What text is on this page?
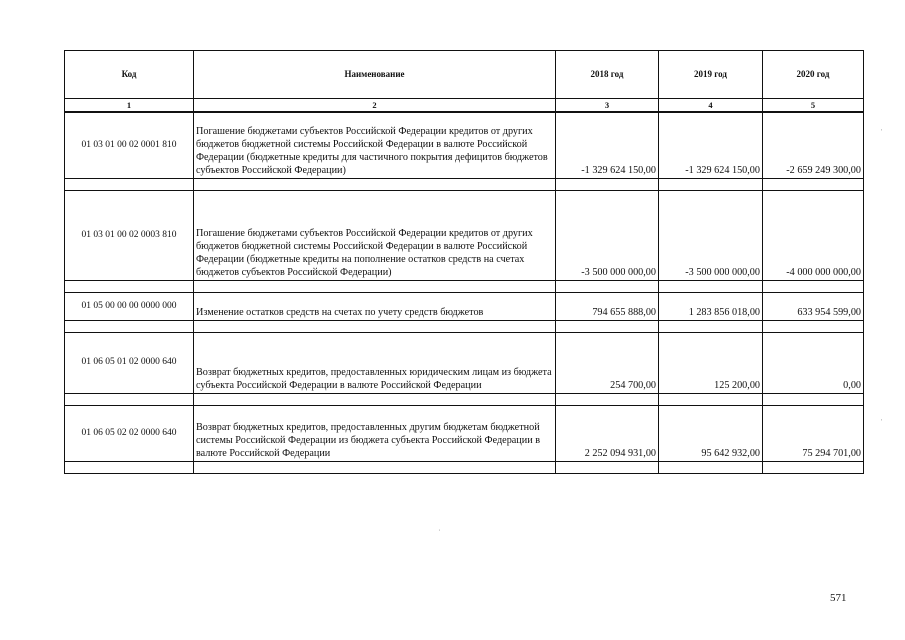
Код	Наименование	2018 год	2019 год	2020 год
1	2	3	4	5
01 03 01 00 02 0001 810	Погашение бюджетами субъектов Российской Федерации кредитов от других бюджетов бюджетной системы Российской Федерации в валюте Российской Федерации (бюджетные кредиты для частичного покрытия дефицитов бюджетов субъектов Российской Федерации)	-1 329 624 150,00	-1 329 624 150,00	-2 659 249 300,00

01 03 01 00 02 0003 810	Погашение бюджетами субъектов Российской Федерации кредитов от других бюджетов бюджетной системы Российской Федерации в валюте Российской Федерации (бюджетные кредиты на пополнение остатков средств на счетах бюджетов субъектов Российской Федерации)	-3 500 000 000,00	-3 500 000 000,00	-4 000 000 000,00

01 05 00 00 00 0000 000	Изменение остатков средств на счетах по учету средств бюджетов	794 655 888,00	1 283 856 018,00	633 954 599,00

01 06 05 01 02 0000 640	Возврат бюджетных кредитов, предоставленных юридическим лицам из бюджета субъекта Российской Федерации в валюте Российской Федерации	254 700,00	125 200,00	0,00

01 06 05 02 02 0000 640	Возврат бюджетных кредитов, предоставленных другим бюджетам бюджетной системы Российской Федерации из бюджета субъекта Российской Федерации в валюте Российской Федерации	2 252 094 931,00	95 642 932,00	75 294 701,00

571
ˈ
ˈ
˙
